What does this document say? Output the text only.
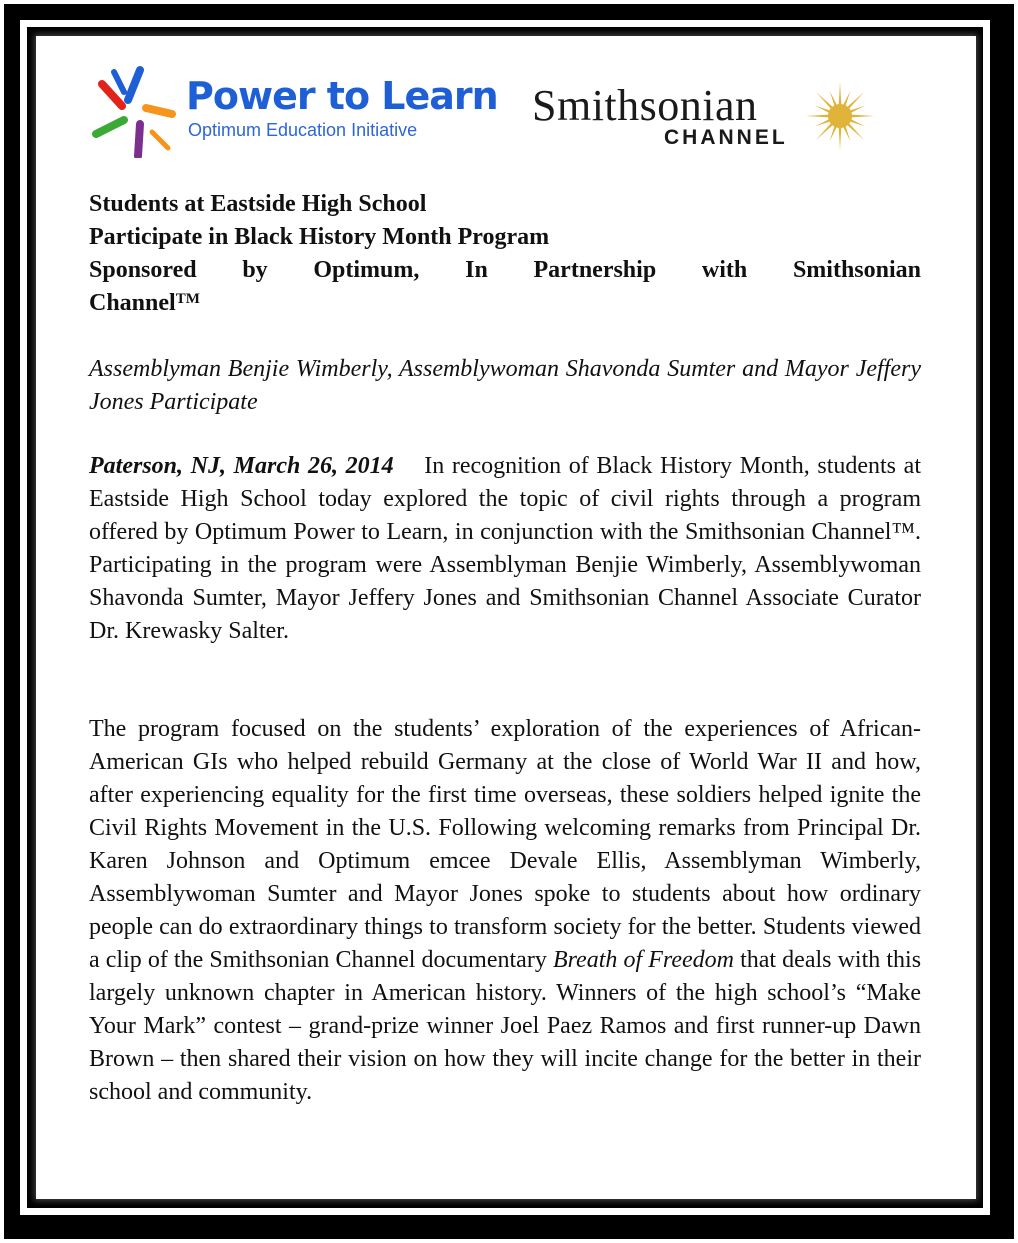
Power to Learn
Optimum Education Initiative	Smithsonian
CHANNEL
Students at Eastside High School
Participate in Black History Month Program
Sponsored by Optimum, In Partnership with Smithsonian
Channel™
Assemblyman Benjie Wimberly, Assemblywoman Shavonda Sumter and Mayor Jeffery Jones Participate
Paterson, NJ, March 26, 2014 In recognition of Black History Month, students at Eastside High School today explored the topic of civil rights through a program offered by Optimum Power to Learn, in conjunction with the Smithsonian Channel™. Participating in the program were Assemblyman Benjie Wimberly, Assemblywoman Shavonda Sumter, Mayor Jeffery Jones and Smithsonian Channel Associate Curator Dr. Krewasky Salter.
The program focused on the students’ exploration of the experiences of African-American GIs who helped rebuild Germany at the close of World War II and how, after experiencing equality for the first time overseas, these soldiers helped ignite the Civil Rights Movement in the U.S. Following welcoming remarks from Principal Dr. Karen Johnson and Optimum emcee Devale Ellis, Assemblyman Wimberly, Assemblywoman Sumter and Mayor Jones spoke to students about how ordinary people can do extraordinary things to transform society for the better. Students viewed a clip of the Smithsonian Channel documentary Breath of Freedom that deals with this largely unknown chapter in American history. Winners of the high school’s “Make Your Mark” contest – grand-prize winner Joel Paez Ramos and first runner-up Dawn Brown – then shared their vision on how they will incite change for the better in their school and community.
